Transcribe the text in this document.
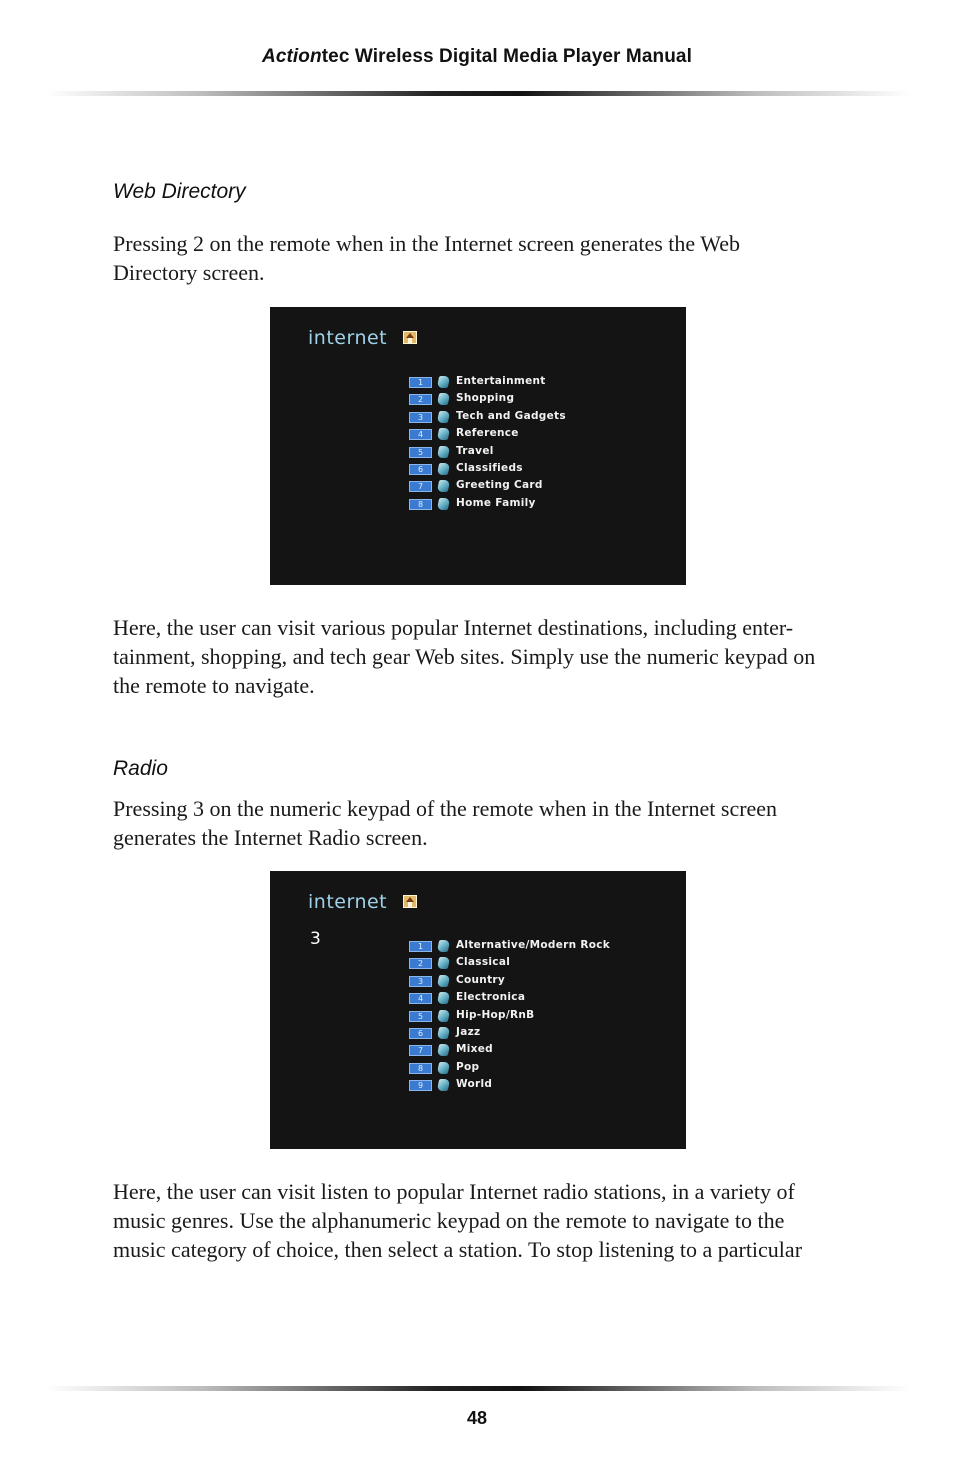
Actiontec Wireless Digital Media Player Manual
Web Directory

Pressing 2 on the remote when in the Internet screen generates the Web
Directory screen.

internet
1	Entertainment
2	Shopping
3	Tech and Gadgets
4	Reference
5	Travel
6	Classifieds
7	Greeting Card
8	Home Family

Here, the user can visit various popular Internet destinations, including enter-
tainment, shopping, and tech gear Web sites. Simply use the numeric keypad on
the remote to navigate.

Radio

Pressing 3 on the numeric keypad of the remote when in the Internet screen
generates the Internet Radio screen.

internet
3	1	Alternative/Modern Rock
2	Classical
3	Country
4	Electronica
5	Hip-Hop/RnB
6	Jazz
7	Mixed
8	Pop
9	World

Here, the user can visit listen to popular Internet radio stations, in a variety of
music genres. Use the alphanumeric keypad on the remote to navigate to the
music category of choice, then select a station. To stop listening to a particular

48
